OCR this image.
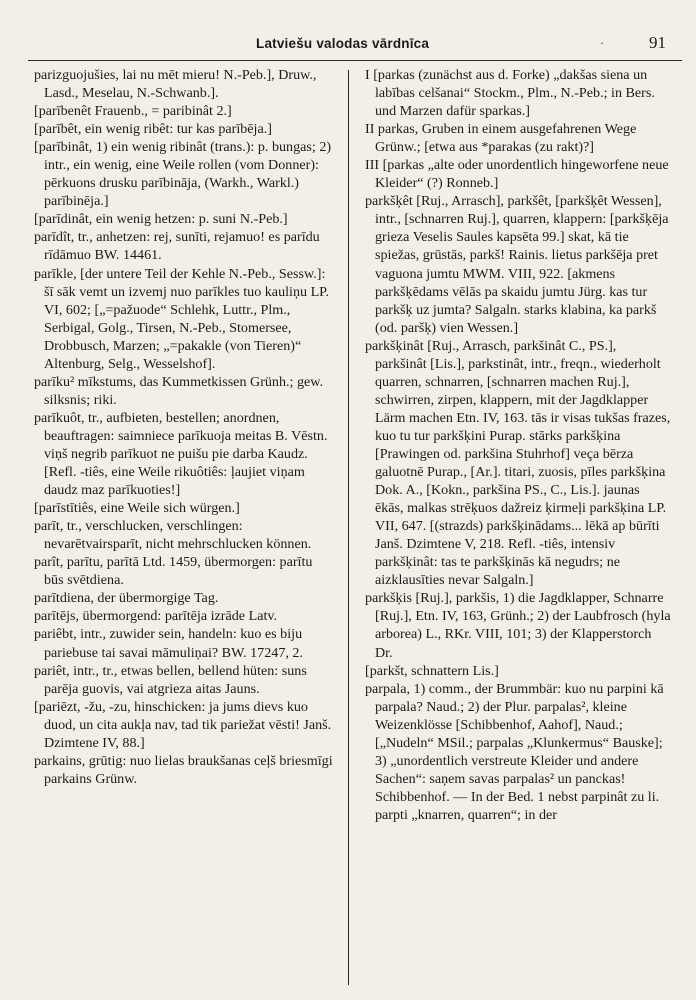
Latviešu valodas vārdnīca	·	91

parizguojušies, lai nu mēt mieru! N.-Peb.], Druw., Lasd., Meselau, N.-Schwanb.].

[parībenêt Frauenb., = paribinât 2.]

[parībêt, ein wenig ribêt: tur kas parībēja.]

[parībinât, 1) ein wenig ribinât (trans.): p. bungas; 2) intr., ein wenig, eine Weile rollen (vom Donner): pērkuons drusku parībināja, (Warkh., Warkl.) parībinēja.]

[parīdinât, ein wenig hetzen: p. suni N.-Peb.]

parīdît, tr., anhetzen: rej, sunīti, rejamuo! es parīdu rīdāmuo BW. 14461.

parīkle, [der untere Teil der Kehle N.-Peb., Sessw.]: šī sāk vemt un izvemj nuo parīkles tuo kauliņu LP. VI, 602; [„=pažuode“ Schlehk, Luttr., Plm., Serbigal, Golg., Tirsen, N.-Peb., Stomersee, Drobbusch, Marzen; „=pakakle (von Tieren)“ Altenburg, Selg., Wesselshof].

parīku² mīkstums, das Kummetkissen Grünh.; gew. silksnis; riki.

parīkuôt, tr., aufbieten, bestellen; anordnen, beauftragen: saimniece parīkuoja meitas B. Vēstn. viņš negrib parīkuot ne puišu pie darba Kaudz. [Refl. -tiês, eine Weile rikuôtiês: ļaujiet viņam daudz maz parīkuoties!]

[parīstītiês, eine Weile sich würgen.]

parīt, tr., verschlucken, verschlingen: nevarētvairsparīt, nicht mehrschlucken können.

parît, parītu, parītā Ltd. 1459, übermorgen: parītu būs svētdiena.

parītdiena, der übermorgige Tag.

parītējs, übermorgend: parītēja izrāde Latv.

pariêbt, intr., zuwider sein, handeln: kuo es biju pariebuse tai savai māmuliņai? BW. 17247, 2.

pariêt, intr., tr., etwas bellen, bellend hüten: suns parēja guovis, vai atgrieza aitas Jauns.

[pariēzt, -žu, -zu, hinschicken: ja jums dievs kuo duod, un cita aukļa nav, tad tik pariežat vēsti! Janš. Dzimtene IV, 88.]

parkains, grūtig: nuo lielas braukšanas ceļš briesmīgi parkains Grünw.

I [parkas (zunächst aus d. Forke) „dakšas siena un labības celšanai“ Stockm., Plm., N.-Peb.; in Bers. und Marzen dafür sparkas.]

II parkas, Gruben in einem ausgefahrenen Wege Grünw.; [etwa aus *parakas (zu rakt)?]

III [parkas „alte oder unordentlich hingeworfene neue Kleider“ (?) Ronneb.]

parkšķêt [Ruj., Arrasch], parkšêt, [parkšķêt Wessen], intr., [schnarren Ruj.], quarren, klappern: [parkšķēja grieza Veselis Saules kapsēta 99.] skat, kā tie spiežas, grūstās, parkš! Rainis. lietus parkšēja pret vaguona jumtu MWM. VIII, 922. [akmens parkšķēdams vēlās pa skaidu jumtu Jürg. kas tur parkšķ uz jumta? Salgaln. starks klabina, ka parkš (od. paršķ) vien Wessen.]

parkšķinât [Ruj., Arrasch, parkšinât C., PS.], parkšinât [Lis.], parkstinât, intr., freqn., wiederholt quarren, schnarren, [schnarren machen Ruj.], schwirren, zirpen, klappern, mit der Jagdklapper Lärm machen Etn. IV, 163. tās ir visas tukšas frazes, kuo tu tur parkšķini Purap. stārks parkšķina [Prawingen od. parkšina Stuhrhof] veça bērza galuotnē Purap., [Ar.]. titari, zuosis, pīles parkšķina Dok. A., [Kokn., parkšina PS., C., Lis.]. jaunas ēkās, malkas strēķuos dažreiz ķirmeļi parkšķina LP. VII, 647. [(strazds) parkšķinādams... lēkā ap būrīti Janš. Dzimtene V, 218. Refl. -tiês, intensiv parkšķinât: tas te parkšķinās kā negudrs; ne aizklausīties nevar Salgaln.]

parkšķis [Ruj.], parkšis, 1) die Jagdklapper, Schnarre [Ruj.], Etn. IV, 163, Grünh.; 2) der Laubfrosch (hyla arborea) L., RKr. VIII, 101; 3) der Klapperstorch Dr.

[parkšt, schnattern Lis.]

parpala, 1) comm., der Brummbär: kuo nu parpini kā parpala? Naud.; 2) der Plur. parpalas², kleine Weizenklösse [Schibbenhof, Aahof], Naud.; [„Nudeln“ MSil.; parpalas „Klunkermus“ Bauske]; 3) „unordentlich verstreute Kleider und andere Sachen“: saņem savas parpalas² un panckas! Schibbenhof. — In der Bed. 1 nebst parpinât zu li. parpti „knarren, quarren“; in der
